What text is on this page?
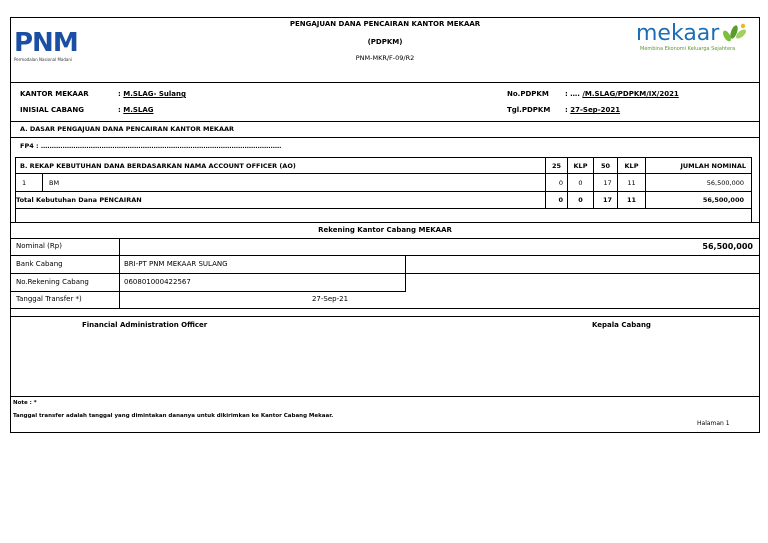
PNM
Permodalan Nasional Madani
PENGAJUAN DANA PENCAIRAN KANTOR MEKAAR
(PDPKM)
PNM-MKR/F-09/R2
mekaar
Membina Ekonomi Keluarga Sejahtera
KANTOR MEKAAR	: M.SLAG- Sulang
INISIAL CABANG	: M.SLAG
No.PDPKM : …. /M.SLAG/PDPKM/IX/2021
Tgl.PDPKM : 27-Sep-2021
A. DASAR PENGAJUAN DANA PENCAIRAN KANTOR MEKAAR
FP4 : …………………………………………………………………………………………………
B. REKAP KEBUTUHAN DANA BERDASARKAN NAMA ACCOUNT OFFICER (AO)	25	KLP	50	KLP	JUMLAH NOMINAL
1	BM	0	0	17	11	56,500,000
Total Kebutuhan Dana PENCAIRAN	0	0	17	11	56,500,000
Rekening Kantor Cabang MEKAAR
Nominal (Rp)	56,500,000
Bank Cabang	BRI-PT PNM MEKAAR SULANG
No.Rekening Cabang	060801000422567
Tanggal Transfer *)	27-Sep-21
Financial Administration Officer	Kepala Cabang
Note : *
Tanggal transfer adalah tanggal yang dimintakan dananya untuk dikirimkan ke Kantor Cabang Mekaar.
Halaman 1
